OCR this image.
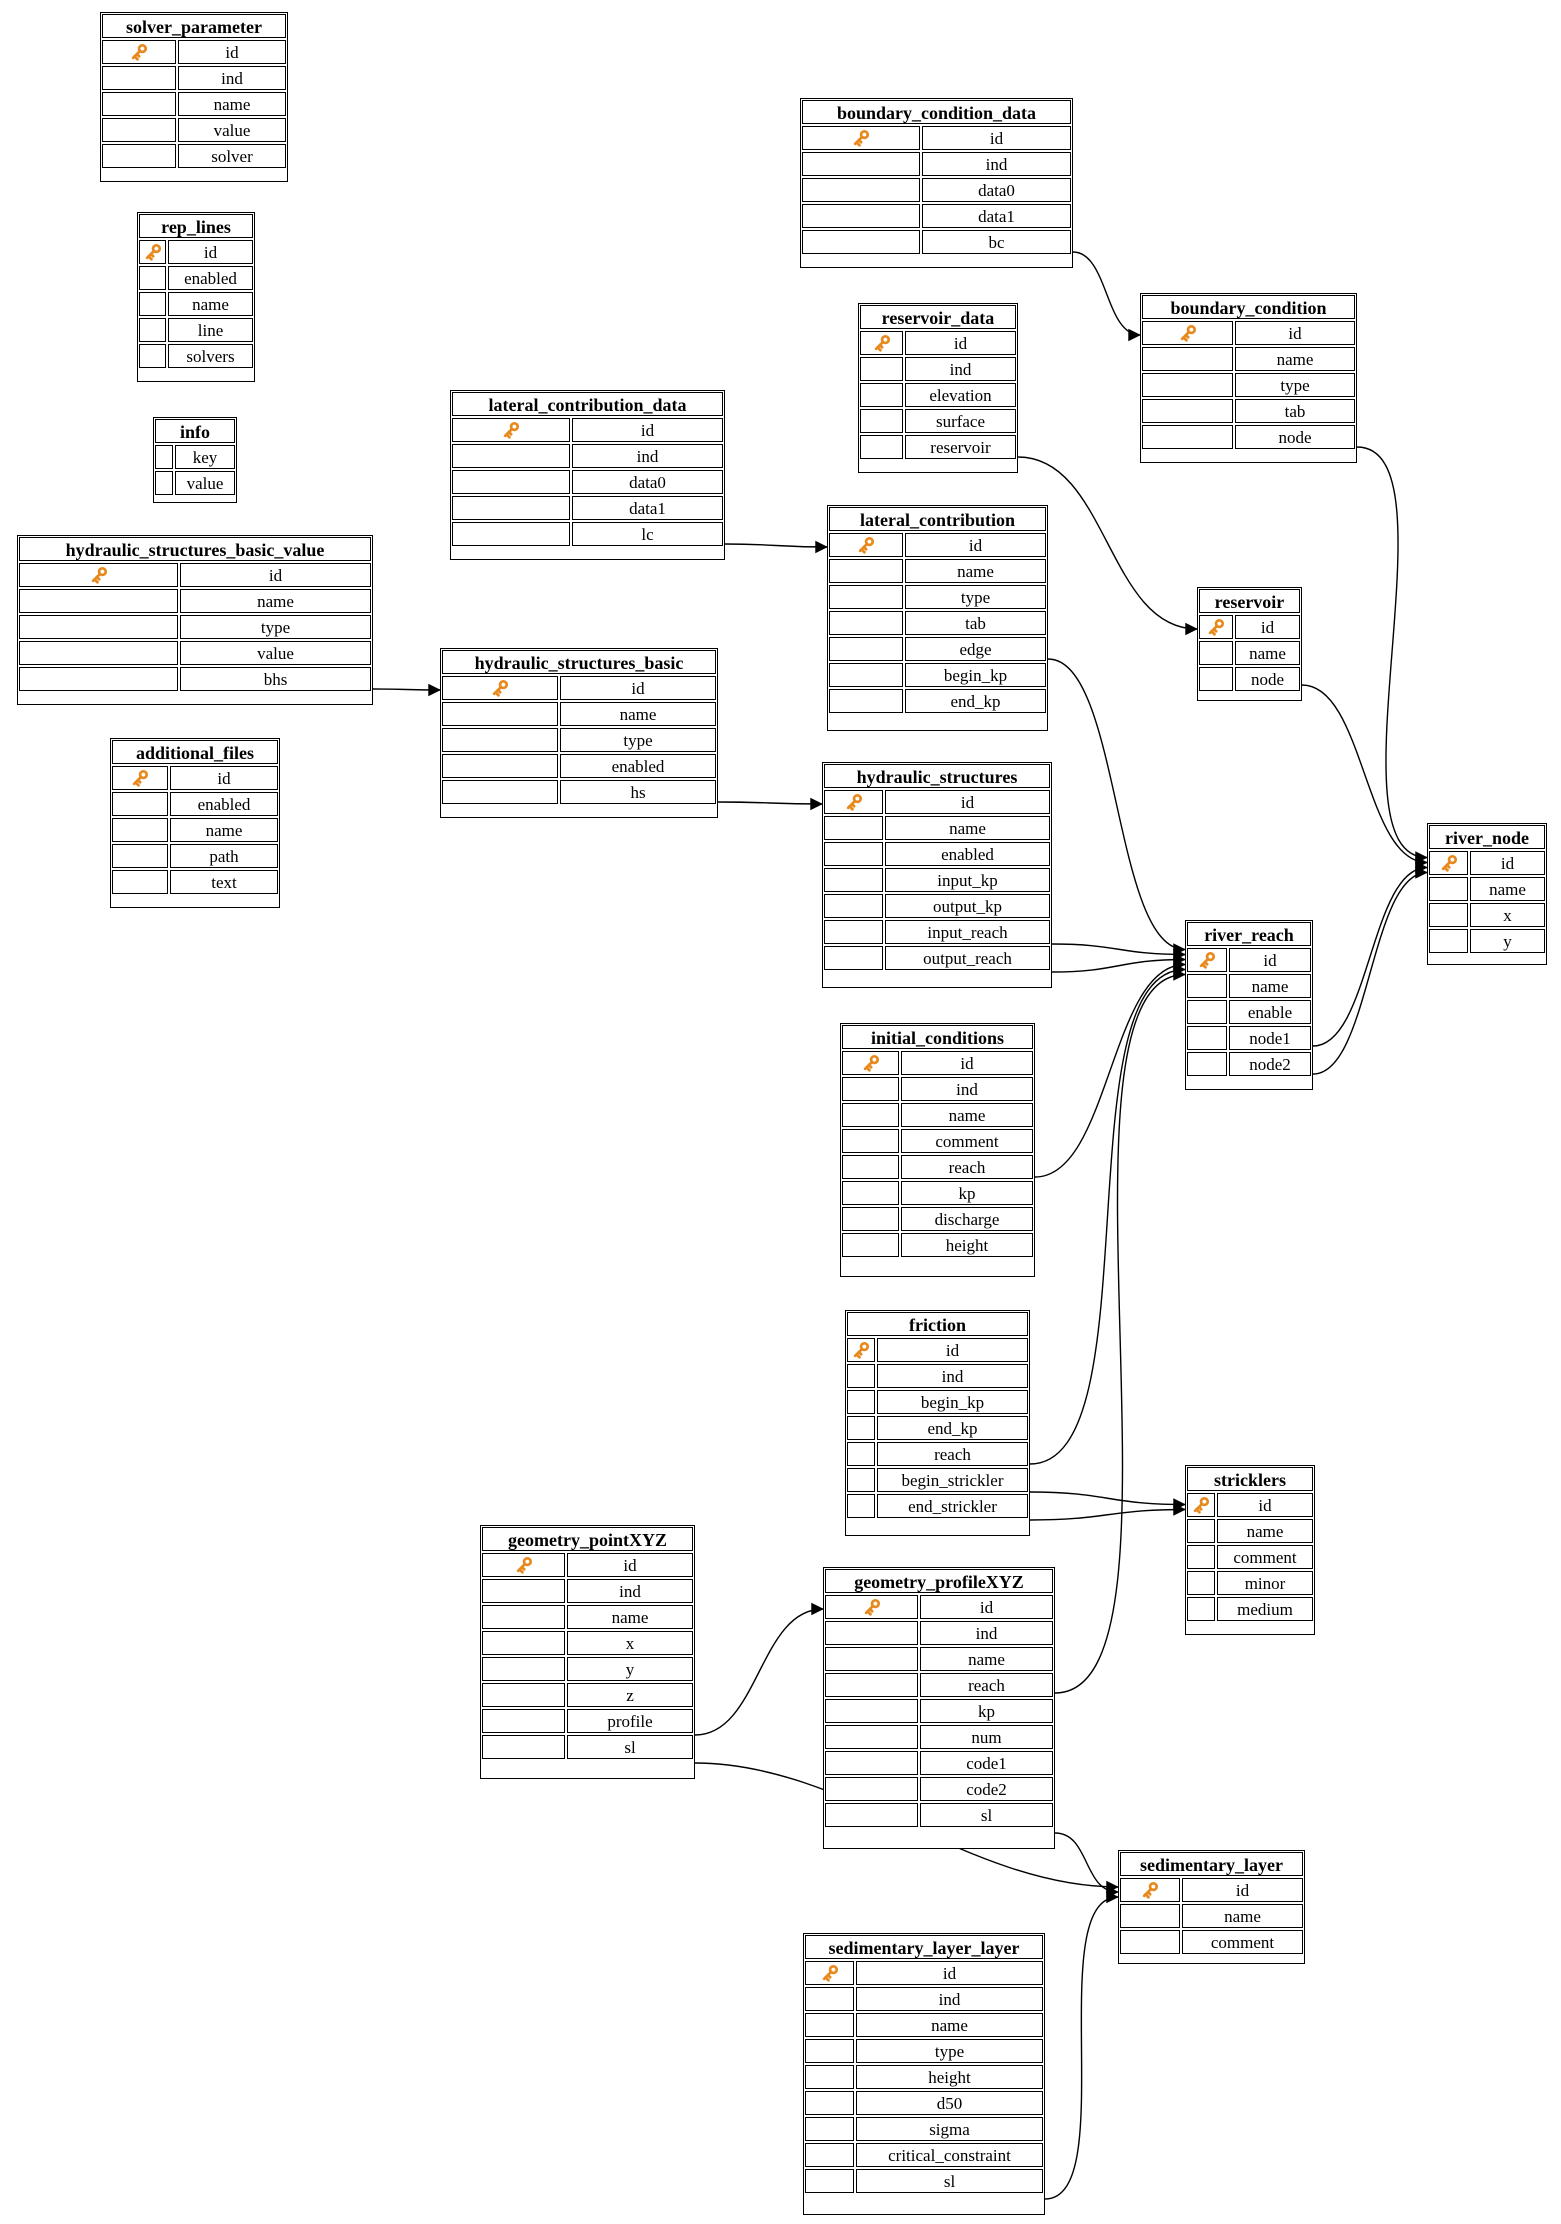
solver_parameter
id
ind
name
value
solver
rep_lines
id
enabled
name
line
solvers
info
key
value
hydraulic_structures_basic_value
id
name
type
value
bhs
additional_files
id
enabled
name
path
text
lateral_contribution_data
id
ind
data0
data1
lc
hydraulic_structures_basic
id
name
type
enabled
hs
boundary_condition_data
id
ind
data0
data1
bc
reservoir_data
id
ind
elevation
surface
reservoir
boundary_condition
id
name
type
tab
node
lateral_contribution
id
name
type
tab
edge
begin_kp
end_kp
hydraulic_structures
id
name
enabled
input_kp
output_kp
input_reach
output_reach
reservoir
id
name
node
river_reach
id
name
enable
node1
node2
river_node
id
name
x
y
initial_conditions
id
ind
name
comment
reach
kp
discharge
height
friction
id
ind
begin_kp
end_kp
reach
begin_strickler
end_strickler
stricklers
id
name
comment
minor
medium
geometry_pointXYZ
id
ind
name
x
y
z
profile
sl
geometry_profileXYZ
id
ind
name
reach
kp
num
code1
code2
sl
sedimentary_layer
id
name
comment
sedimentary_layer_layer
id
ind
name
type
height
d50
sigma
critical_constraint
sl
